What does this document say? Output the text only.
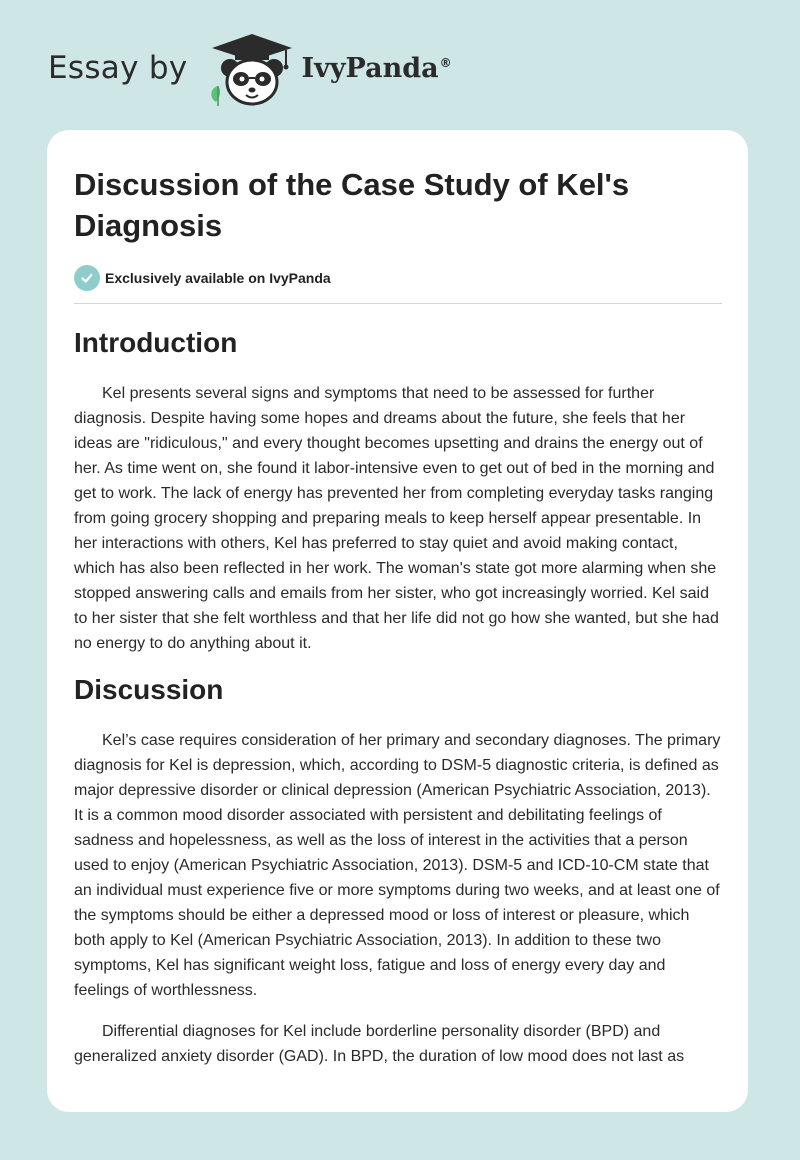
Essay by	IvyPanda®
Discussion of the Case Study of Kel's Diagnosis
Exclusively available on IvyPanda
Introduction

Kel presents several signs and symptoms that need to be assessed for further diagnosis. Despite having some hopes and dreams about the future, she feels that her ideas are "ridiculous," and every thought becomes upsetting and drains the energy out of her. As time went on, she found it labor-intensive even to get out of bed in the morning and get to work. The lack of energy has prevented her from completing everyday tasks ranging from going grocery shopping and preparing meals to keep herself appear presentable. In her interactions with others, Kel has preferred to stay quiet and avoid making contact, which has also been reflected in her work. The woman's state got more alarming when she stopped answering calls and emails from her sister, who got increasingly worried. Kel said to her sister that she felt worthless and that her life did not go how she wanted, but she had no energy to do anything about it.

Discussion

Kel’s case requires consideration of her primary and secondary diagnoses. The primary diagnosis for Kel is depression, which, according to DSM-5 diagnostic criteria, is defined as major depressive disorder or clinical depression (American Psychiatric Association, 2013). It is a common mood disorder associated with persistent and debilitating feelings of sadness and hopelessness, as well as the loss of interest in the activities that a person used to enjoy (American Psychiatric Association, 2013). DSM-5 and ICD-10-CM state that an individual must experience five or more symptoms during two weeks, and at least one of the symptoms should be either a depressed mood or loss of interest or pleasure, which both apply to Kel (American Psychiatric Association, 2013). In addition to these two symptoms, Kel has significant weight loss, fatigue and loss of energy every day and feelings of worthlessness.

Differential diagnoses for Kel include borderline personality disorder (BPD) and generalized anxiety disorder (GAD). In BPD, the duration of low mood does not last as
